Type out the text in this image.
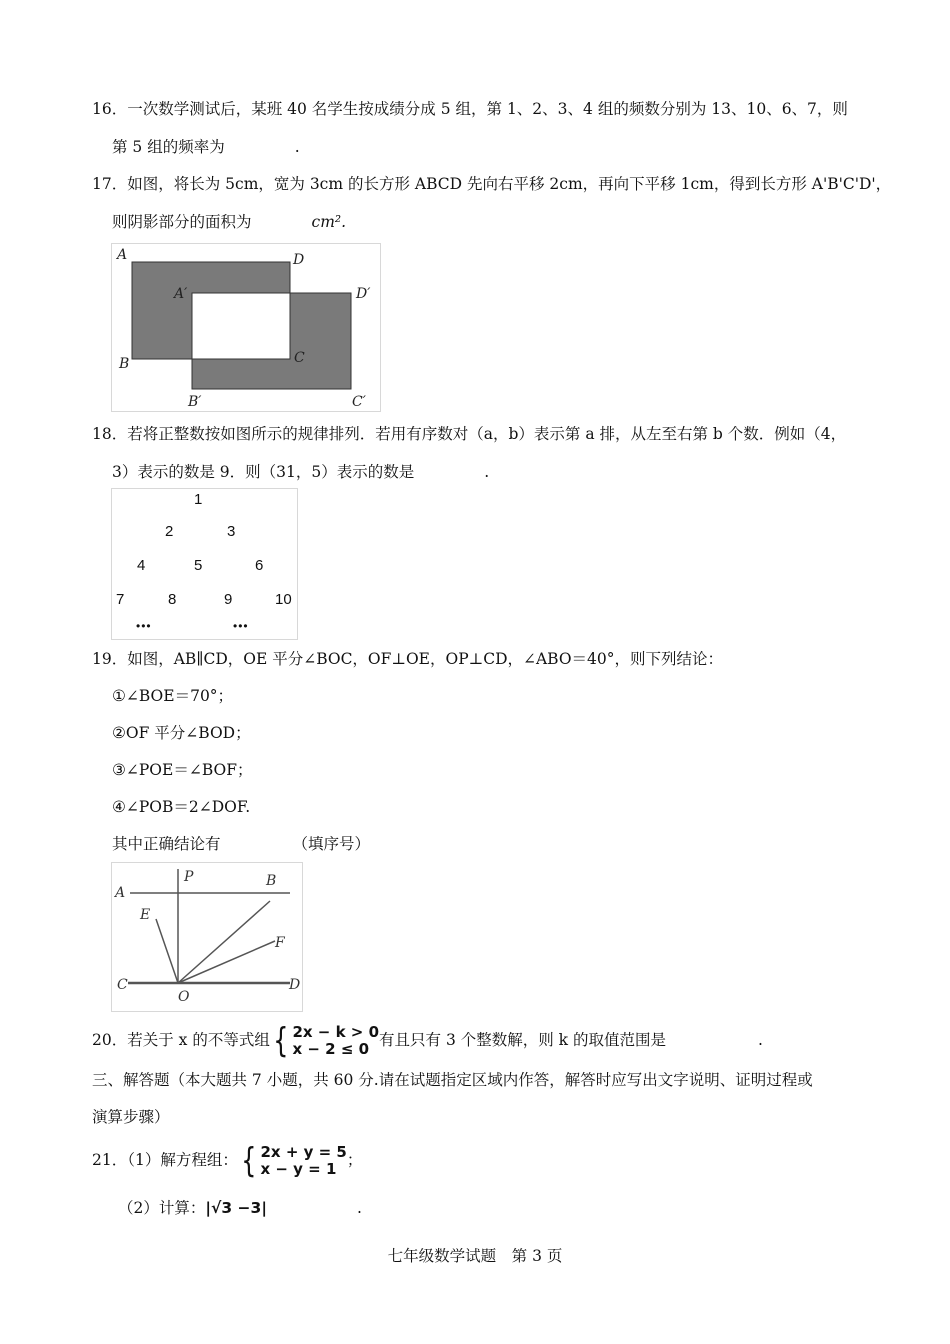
16．一次数学测试后，某班 40 名学生按成绩分成 5 组，第 1、2、3、4 组的频数分别为 13、10、6、7，则
第 5 组的频率为	.
17．如图，将长为 5cm，宽为 3cm 的长方形 ABCD 先向右平移 2cm，再向下平移 1cm，得到长方形 A'B'C'D'，
则阴影部分的面积为	cm².
A	D
A′	D′
B	C
B′	C′
18．若将正整数按如图所示的规律排列．若用有序数对（a，b）表示第 a 排，从左至右第 b 个数．例如（4，
3）表示的数是 9．则（31，5）表示的数是	.
1
2	3
4	5	6
7	8	9	10
•••	•••
19．如图，AB∥CD，OE 平分∠BOC，OF⊥OE，OP⊥CD，∠ABO＝40°，则下列结论：
①∠BOE＝70°；
②OF 平分∠BOD；
③∠POE＝∠BOF；
④∠POB＝2∠DOF.
其中正确结论有	（填序号）
A
P	B
E
F
C
O
D
20．若关于 x 的不等式组 { 2x − k > 0
x − 2 ≤ 0 有且只有 3 个整数解，则 k 的取值范围是	.
三、解答题（本大题共 7 小题，共 60 分.请在试题指定区域内作答，解答时应写出文字说明、证明过程或
演算步骤）
21．（1）解方程组： { 2x + y = 5
x − y = 1 ；
（2）计算：|√3 −3|	.
七年级数学试题　第 3 页
